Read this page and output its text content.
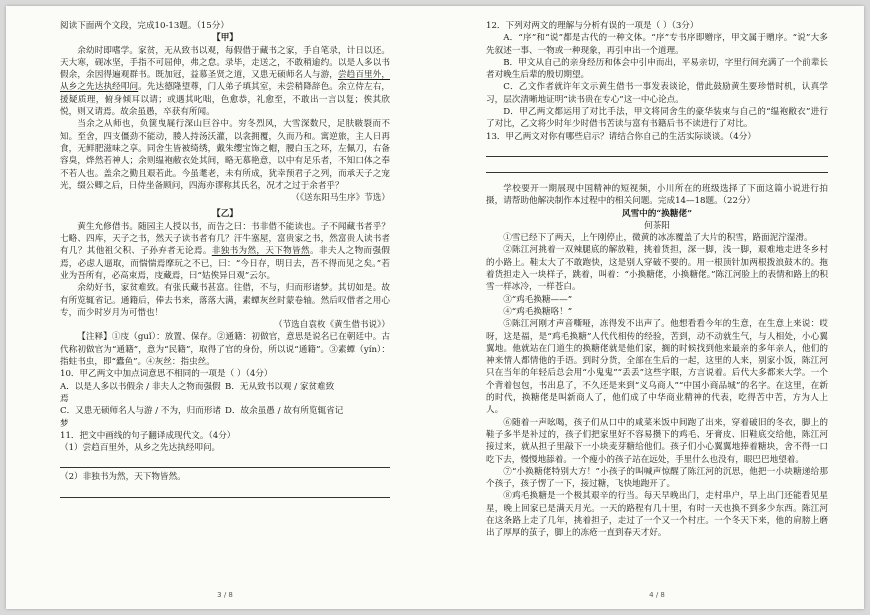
阅读下面两个文段，完成10-13题。（15分）

【甲】

余幼时即嗜学。家贫，无从致书以观，每假借于藏书之家，手自笔录，计日以还。天大寒，砚冰坚，手指不可屈伸，弗之怠。录毕，走送之，不敢稍逾约。以是人多以书假余，余因得遍观群书。既加冠，益慕圣贤之道，又患无硕师名人与游，尝趋百里外，从乡之先达执经叩问。先达德隆望尊，门人弟子填其室，未尝稍降辞色。余立侍左右，援疑质理，俯身倾耳以请；或遇其叱咄，色愈恭，礼愈至，不敢出一言以复；俟其欣悦，则又请焉。故余虽愚，卒获有所闻。

当余之从师也，负箧曳屣行深山巨谷中。穷冬烈风，大雪深数尺，足肤皲裂而不知。至舍，四支僵劲不能动，媵人持汤沃灌，以衾拥覆，久而乃和。寓逆旅，主人日再食，无鲜肥滋味之享。同舍生皆被绮绣，戴朱缨宝饰之帽，腰白玉之环，左佩刀，右备容臭，烨然若神人；余则缊袍敝衣处其间，略无慕艳意，以中有足乐者，不知口体之奉不若人也。盖余之勤且艰若此。今虽耄老，未有所成，犹幸预君子之列，而承天子之宠光，缀公卿之后，日侍坐备顾问，四海亦谬称其氏名，况才之过于余者乎？

（《送东阳马生序》节选）

【乙】

黄生允修借书。随园主人授以书，而告之曰：书非借不能读也。子不闻藏书者乎？七略、四库，天子之书，然天子读书者有几？汗牛塞屋，富贵家之书，然富贵人读书者有几？其他祖父积、子孙弃者无论焉。非独书为然，天下物皆然。非夫人之物而强假焉，必虑人逼取，而惴惴焉摩玩之不已，曰：“今日存，明日去，吾不得而见之矣。”若业为吾所有，必高束焉，庋藏焉，曰“姑俟异日观”云尔。

余幼好书，家贫难致。有张氏藏书甚富。往借，不与，归而形诸梦。其切如是。故有所览辄省记。通籍后，俸去书来，落落大满，素蟫灰丝时蒙卷轴。然后叹借者之用心专，而少时岁月为可惜也！

（节选自袁枚《黄生借书说》）

【注释】①庋（guǐ）：放置、保存。②通籍：初做官，意思是说名已在朝廷中。古代称初做官为“通籍”，意为“民籍”，取得了官的身份，所以说“通籍”。③素蟫（yín）：指蛀书虫，即“蠹鱼”。④灰丝：指虫丝。

10．甲乙两文中加点词意思不相同的一项是（ ）（4分）

A．以是人多以书假余 / 非夫人之物而强假焉
B．无从致书以观 / 家贫难致
C．又患无硕师名人与游 / 不为，归而形诸梦
D．故余虽愚 / 故有所览辄省记

11．把文中画线的句子翻译成现代文。（4分）

（1）尝趋百里外，从乡之先达执经叩问。

（2）非独书为然，天下物皆然。

3 / 8

12．下列对两文的理解与分析有误的一项是（ ）（3分）

A．“序”和“说”都是古代的一种文体。“序”专书序即赠序，甲文属于赠序。“说”大多先叙述一事、一物或一种现象，再引申出一个道理。

B．甲文从自己的亲身经历和体会中引申而出，平易亲切，字里行间充满了一个前辈长者对晚生后辈的殷切期望。

C．乙文作者就许年文示黄生借书一事发表谈论，借此鼓励黄生要珍惜时机，认真学习，层次清晰地证明“读书贵在专心”这一中心论点。

D．甲乙两文都运用了对比手法，甲文将同舍生的豪华装束与自己的“缊袍敝衣”进行了对比，乙文将少时年少时借书苦读与富有书籍后书不读进行了对比。

13．甲乙两文对你有哪些启示？请结合你自己的生活实际谈谈。（4分）

学校要开一期展现中国精神的短视频，小川所在的班级选择了下面这篇小说进行拍摄，请帮助他解决制作本过程中的相关问题。完成14—18题。（22分）

风雪中的“换糖佬”

何茶阳

①雪已经下了两天，上午刚停止，微黄的冰冻覆盖了大片的积雪，路面泥泞湿滑。

②陈江河挑着一双辣腿底的解放鞋，挑着货担，深一脚，浅一脚，艰难地走进冬乡村的小路上。鞋太大了不敢跑快，这是别人穿破不要的。用一根顶针加两根拨浪鼓木的。拖着货担走入一块样子，跳着，叫着：“小换糖佬，小换糖佬。”陈江河脸上的表情和路上的积雪一样冰冷，一样苍白。

③“鸡毛换糖——”

④“鸡毛换糖咯！”

⑤陈江河刚才声音嘶哑，冻得发不出声了。他想看看今年的生意，在生意上来说：哎呀，这是福，是“鸡毛换糖”人代代相传的经验，苦到，动不动就生气，与人相处，小心翼翼地。他就站在门道生的换糖佬就是他们家，搁的时候找到他来最亲的多年亲人，他们的神来情人都情他的手语。到时分货，全部在生后的一起，这里的人来，别家小饭，陈江河只在当年的年轻后总会用“小鬼鬼”“丢丢”这些字眼，方言说着。后代大多都来大学。一个个背着包包，书出息了，不久还是来到“义乌商人”“中国小商品城”的名字。在这里，在新的时代，换糖佬是叫新商人了，他们成了中华商业精神的代表，吃得苦中苦，方为人上人。

⑥随着一声吆喝，孩子们从口中的咸菜米饭中间跑了出来，穿着破旧的冬衣，脚上的鞋子多半是补过的，孩子们把家里好不容易攒下的鸡毛、牙膏皮、旧鞋底交给他，陈江河接过来，就从担子里敲下一小块麦芽糖给他们。孩子们小心翼翼地捧着糖块，舍不得一口吃下去，慢慢地舔着。一个瘦小的孩子站在远处，手里什么也没有，眼巴巴地望着。

⑦“小换糖佬特别大方！”小孩子的叫喊声惊醒了陈江河的沉思，他把一小块糖递给那个孩子，孩子愣了一下，接过糖，飞快地跑开了。

⑧鸡毛换糖是一个极其艰辛的行当。每天早晚出门，走村串户，早上出门还能看见星星，晚上回家已是满天月光。一天的路程有几十里，有时一天也换不到多少东西。陈江河在这条路上走了几年，挑着担子，走过了一个又一个村庄。一个冬天下来，他的肩膀上磨出了厚厚的茧子，脚上的冻疮一直到春天才好。

4 / 8
